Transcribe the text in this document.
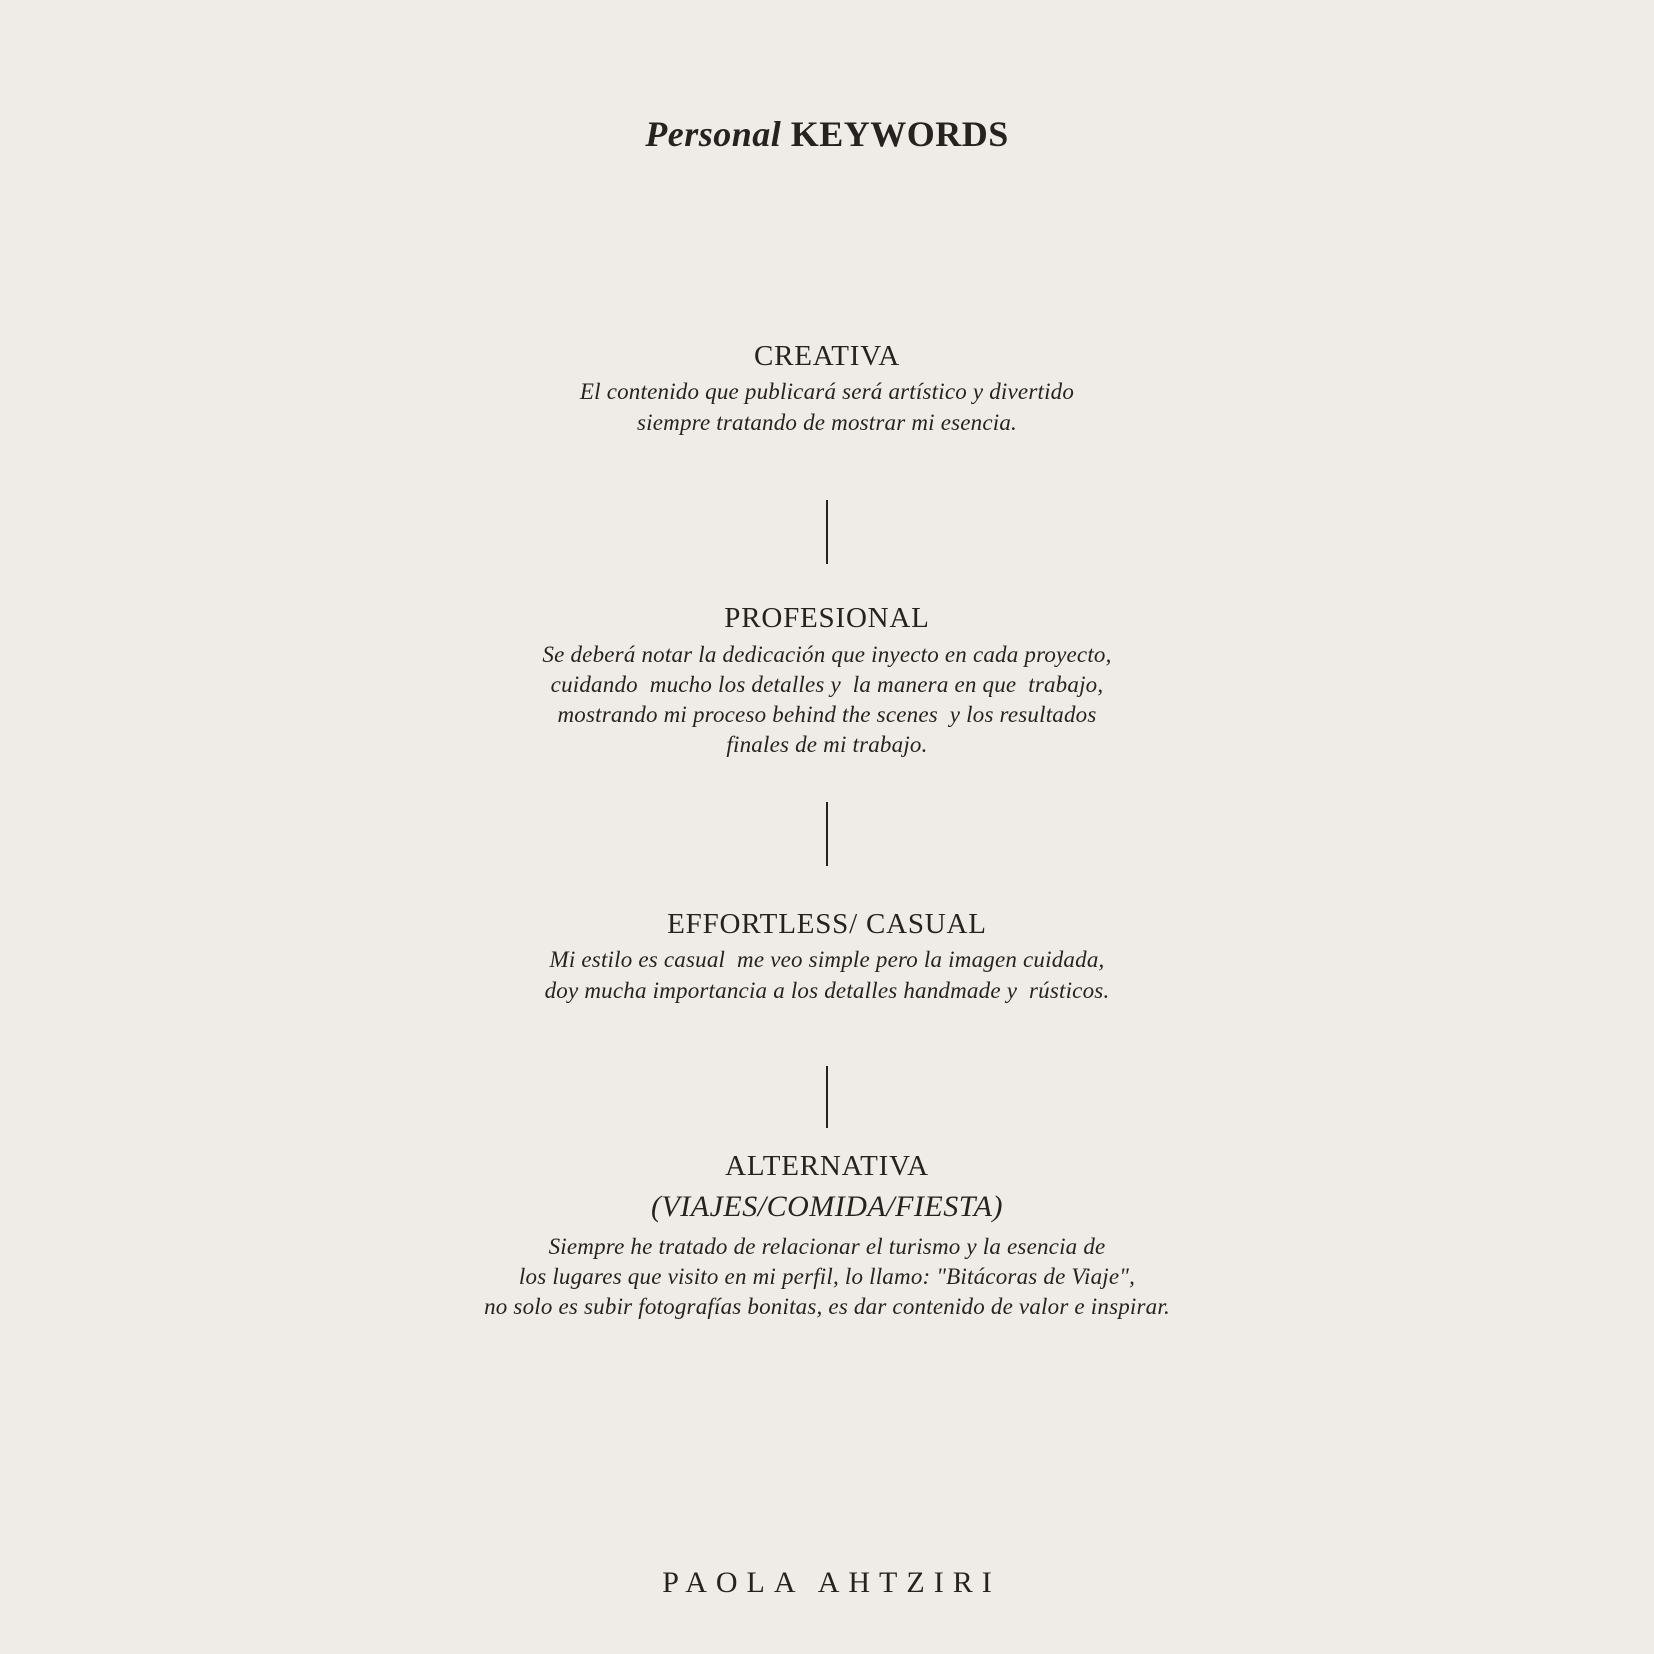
Personal KEYWORDS
CREATIVA
El contenido que publicará será artístico y divertido
siempre tratando de mostrar mi esencia.
PROFESIONAL
Se deberá notar la dedicación que inyecto en cada proyecto,
cuidando  mucho los detalles y  la manera en que  trabajo,
mostrando mi proceso behind the scenes  y los resultados
finales de mi trabajo.
EFFORTLESS/ CASUAL
Mi estilo es casual  me veo simple pero la imagen cuidada,
doy mucha importancia a los detalles handmade y  rústicos.
ALTERNATIVA
(VIAJES/COMIDA/FIESTA)
Siempre he tratado de relacionar el turismo y la esencia de
los lugares que visito en mi perfil, lo llamo: "Bitácoras de Viaje",
no solo es subir fotografías bonitas, es dar contenido de valor e inspirar.
PAOLA AHTZIRI
